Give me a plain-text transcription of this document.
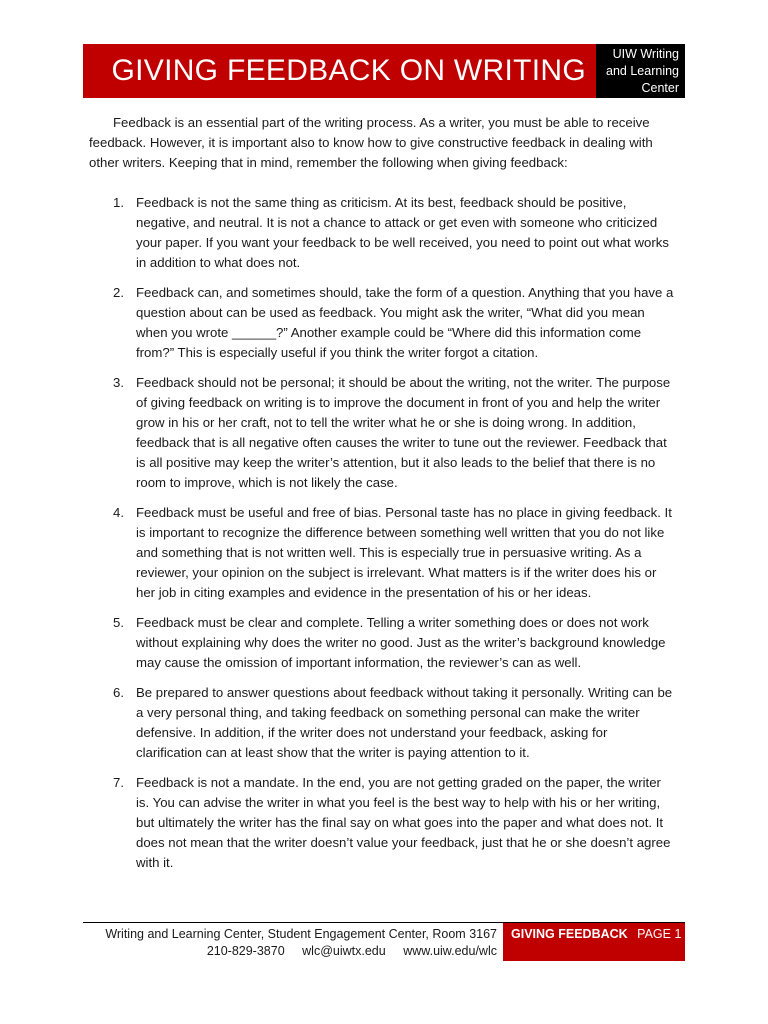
GIVING FEEDBACK ON WRITING	UIW Writing
and Learning
Center

Feedback is an essential part of the writing process. As a writer, you must be able to receive feedback. However, it is important also to know how to give constructive feedback in dealing with other writers. Keeping that in mind, remember the following when giving feedback:

1. Feedback is not the same thing as criticism. At its best, feedback should be positive, negative, and neutral. It is not a chance to attack or get even with someone who criticized your paper. If you want your feedback to be well received, you need to point out what works in addition to what does not.
2. Feedback can, and sometimes should, take the form of a question. Anything that you have a question about can be used as feedback. You might ask the writer, “What did you mean when you wrote ______?” Another example could be “Where did this information come from?” This is especially useful if you think the writer forgot a citation.
3. Feedback should not be personal; it should be about the writing, not the writer. The purpose of giving feedback on writing is to improve the document in front of you and help the writer grow in his or her craft, not to tell the writer what he or she is doing wrong. In addition, feedback that is all negative often causes the writer to tune out the reviewer. Feedback that is all positive may keep the writer’s attention, but it also leads to the belief that there is no room to improve, which is not likely the case.
4. Feedback must be useful and free of bias. Personal taste has no place in giving feedback. It is important to recognize the difference between something well written that you do not like and something that is not written well. This is especially true in persuasive writing. As a reviewer, your opinion on the subject is irrelevant. What matters is if the writer does his or her job in citing examples and evidence in the presentation of his or her ideas.
5. Feedback must be clear and complete. Telling a writer something does or does not work without explaining why does the writer no good. Just as the writer’s background knowledge may cause the omission of important information, the reviewer’s can as well.
6. Be prepared to answer questions about feedback without taking it personally. Writing can be a very personal thing, and taking feedback on something personal can make the writer defensive. In addition, if the writer does not understand your feedback, asking for clarification can at least show that the writer is paying attention to it.
7. Feedback is not a mandate. In the end, you are not getting graded on the paper, the writer is. You can advise the writer in what you feel is the best way to help with his or her writing, but ultimately the writer has the final say on what goes into the paper and what does not. It does not mean that the writer doesn’t value your feedback, just that he or she doesn’t agree with it.
Writing and Learning Center, Student Engagement Center, Room 3167
210-829-3870 wlc@uiwtx.edu www.uiw.edu/wlc
GIVING FEEDBACK PAGE 1
